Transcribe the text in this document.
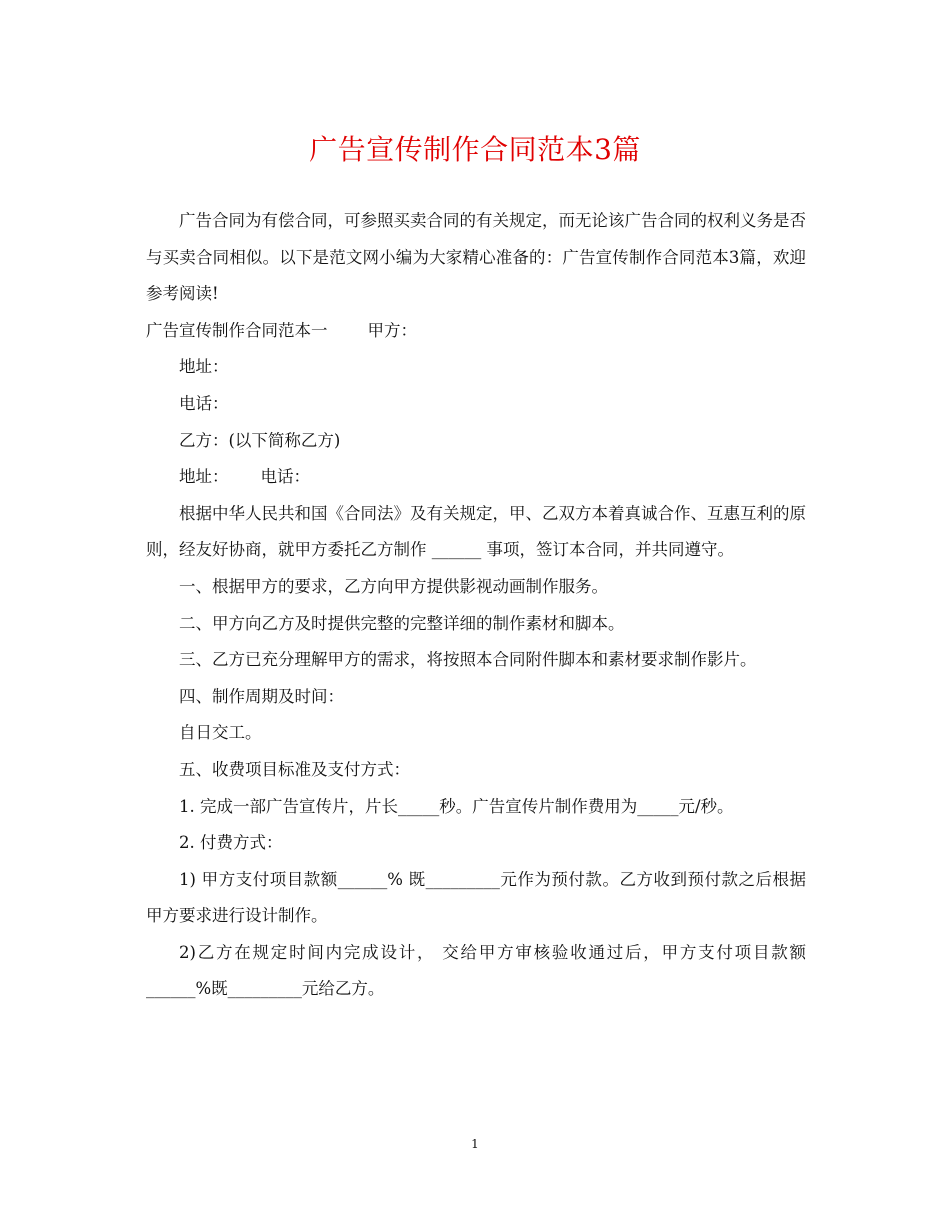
广告宣传制作合同范本3篇

广告合同为有偿合同，可参照买卖合同的有关规定，而无论该广告合同的权利义务是否与买卖合同相似。以下是范文网小编为大家精心准备的：广告宣传制作合同范本3篇，欢迎参考阅读!

广告宣传制作合同范本一 甲方：

地址：

电话：

乙方：(以下简称乙方)

地址： 电话：

根据中华人民共和国《合同法》及有关规定，甲、乙双方本着真诚合作、互惠互利的原则，经友好协商，就甲方委托乙方制作 ______ 事项，签订本合同，并共同遵守。

一、根据甲方的要求，乙方向甲方提供影视动画制作服务。

二、甲方向乙方及时提供完整的完整详细的制作素材和脚本。

三、乙方已充分理解甲方的需求，将按照本合同附件脚本和素材要求制作影片。

四、制作周期及时间：

自日交工。

五、收费项目标准及支付方式：

1. 完成一部广告宣传片，片长_____秒。广告宣传片制作费用为_____元/秒。

2. 付费方式：

1) 甲方支付项目款额______% 既_________元作为预付款。乙方收到预付款之后根据甲方要求进行设计制作。

2)乙方在规定时间内完成设计， 交给甲方审核验收通过后，甲方支付项目款额______%既_________元给乙方。

1
